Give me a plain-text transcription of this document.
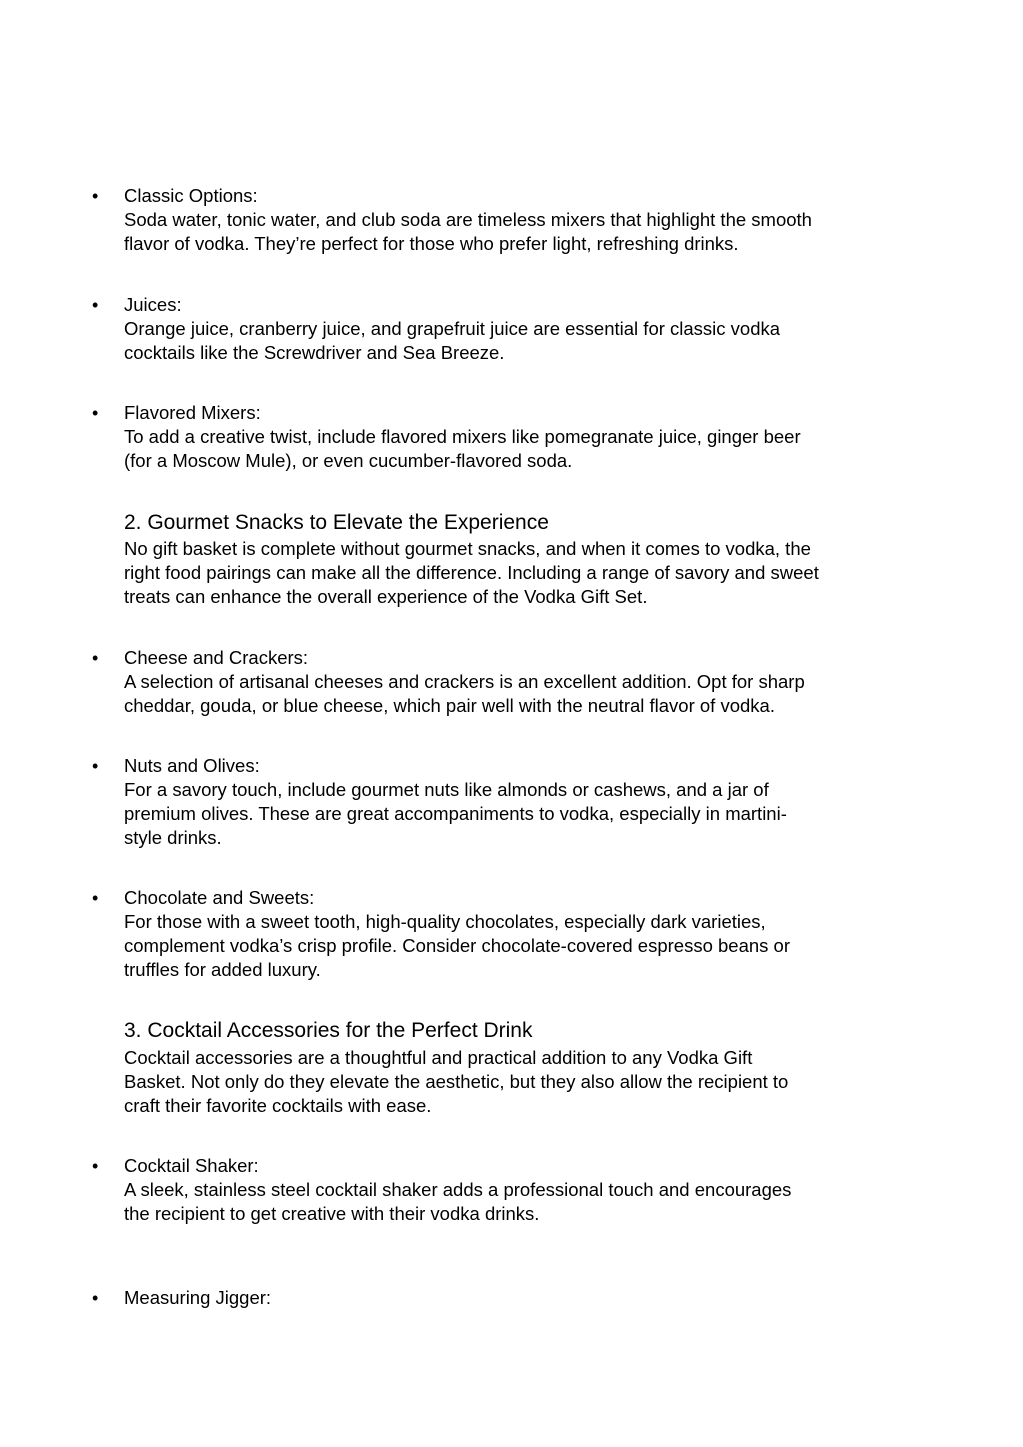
•	Classic Options:
Soda water, tonic water, and club soda are timeless mixers that highlight the smooth
flavor of vodka. They’re perfect for those who prefer light, refreshing drinks.
•	Juices:
Orange juice, cranberry juice, and grapefruit juice are essential for classic vodka
cocktails like the Screwdriver and Sea Breeze.
•	Flavored Mixers:
To add a creative twist, include flavored mixers like pomegranate juice, ginger beer
(for a Moscow Mule), or even cucumber-flavored soda.
2. Gourmet Snacks to Elevate the Experience
No gift basket is complete without gourmet snacks, and when it comes to vodka, the
right food pairings can make all the difference. Including a range of savory and sweet
treats can enhance the overall experience of the Vodka Gift Set.
•	Cheese and Crackers:
A selection of artisanal cheeses and crackers is an excellent addition. Opt for sharp
cheddar, gouda, or blue cheese, which pair well with the neutral flavor of vodka.
•	Nuts and Olives:
For a savory touch, include gourmet nuts like almonds or cashews, and a jar of
premium olives. These are great accompaniments to vodka, especially in martini-
style drinks.
•	Chocolate and Sweets:
For those with a sweet tooth, high-quality chocolates, especially dark varieties,
complement vodka’s crisp profile. Consider chocolate-covered espresso beans or
truffles for added luxury.
3. Cocktail Accessories for the Perfect Drink
Cocktail accessories are a thoughtful and practical addition to any Vodka Gift
Basket. Not only do they elevate the aesthetic, but they also allow the recipient to
craft their favorite cocktails with ease.
•	Cocktail Shaker:
A sleek, stainless steel cocktail shaker adds a professional touch and encourages
the recipient to get creative with their vodka drinks.
•	Measuring Jigger:
